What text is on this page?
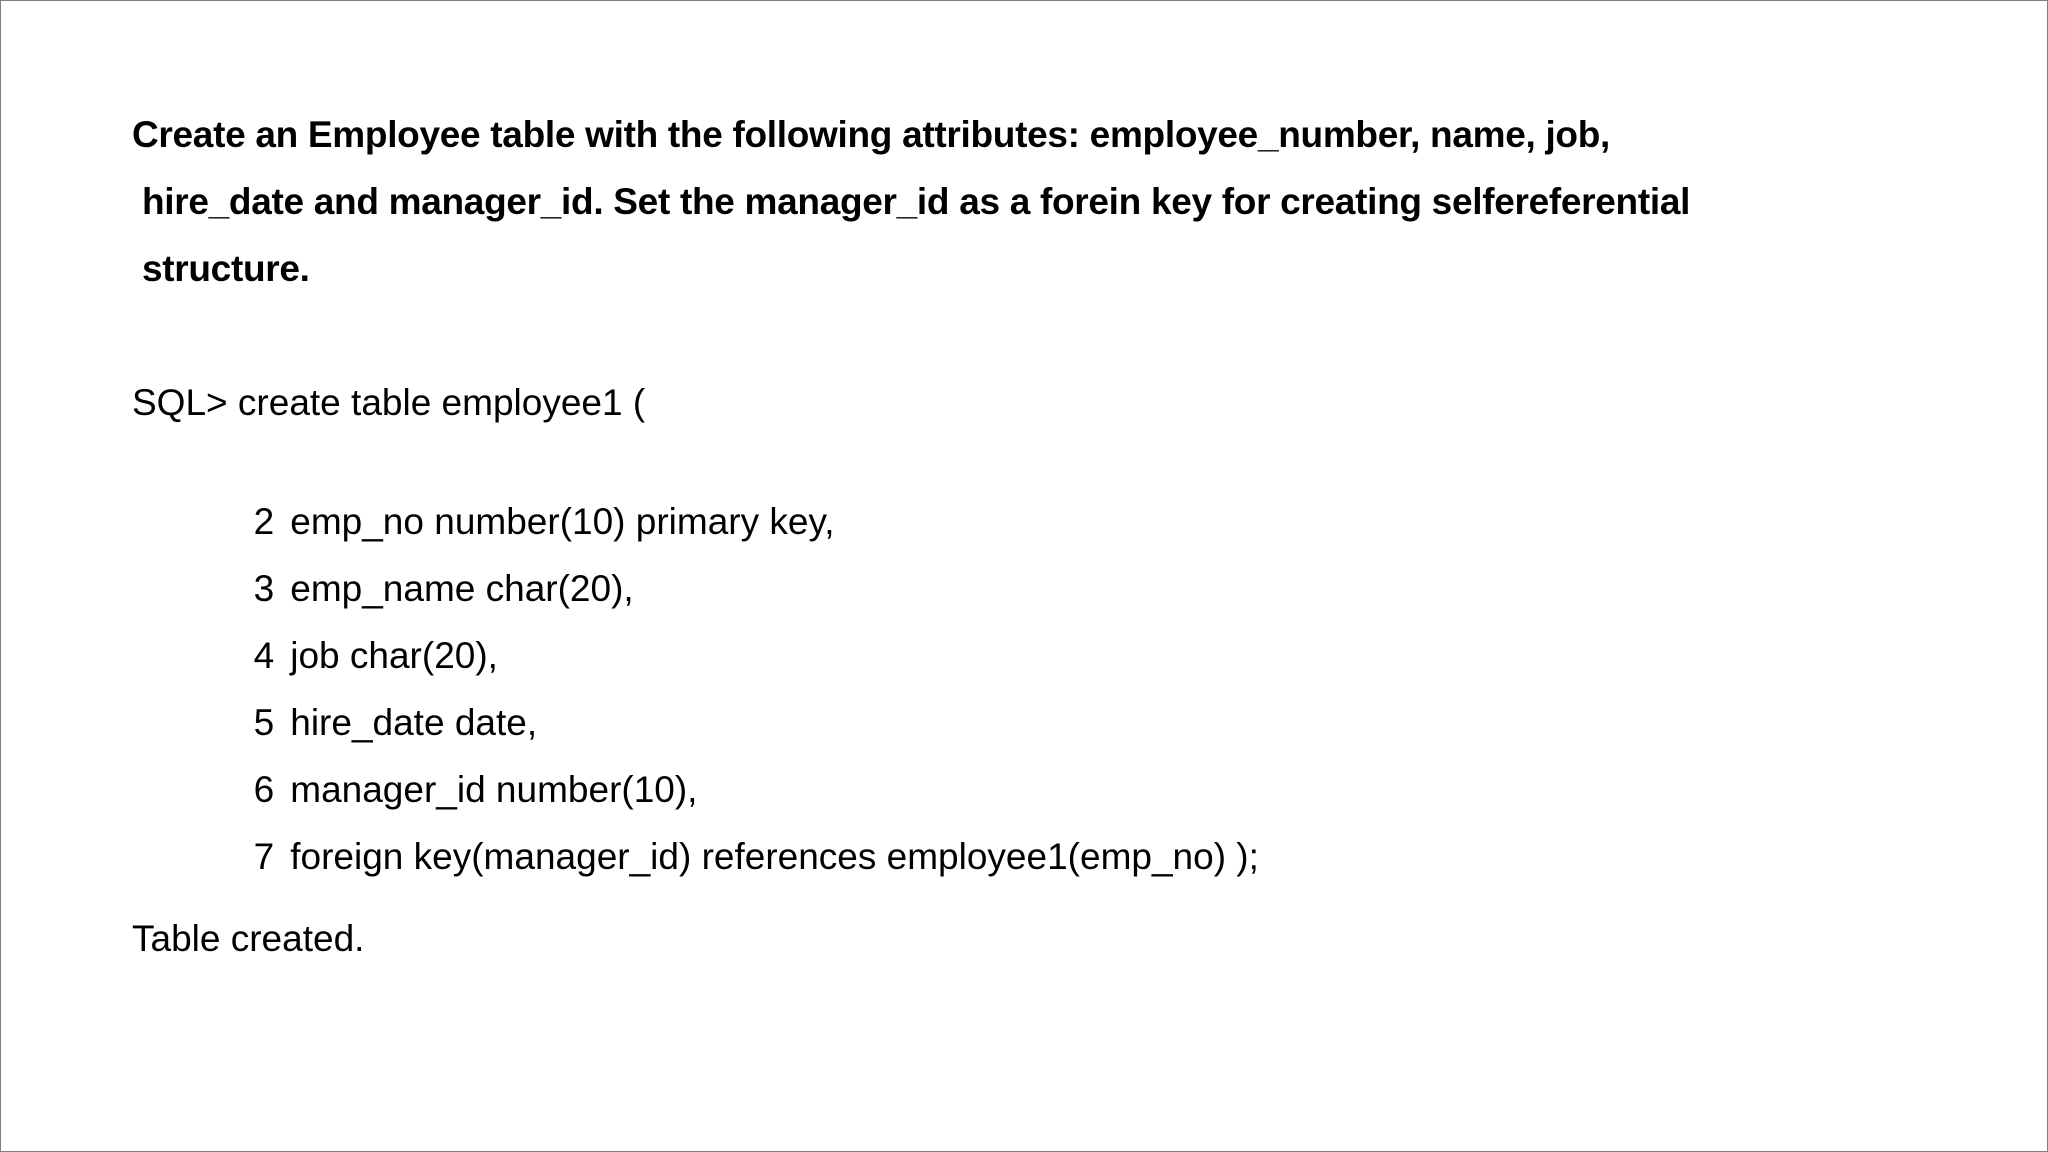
Create an Employee table with the following attributes: employee_number, name, job,
hire_date and manager_id. Set the manager_id as a forein key for creating selfereferential
structure.
SQL> create table employee1 (

2 emp_no number(10) primary key,

3 emp_name char(20),

4 job char(20),

5 hire_date date,

6 manager_id number(10),

7 foreign key(manager_id) references employee1(emp_no) );

Table created.
